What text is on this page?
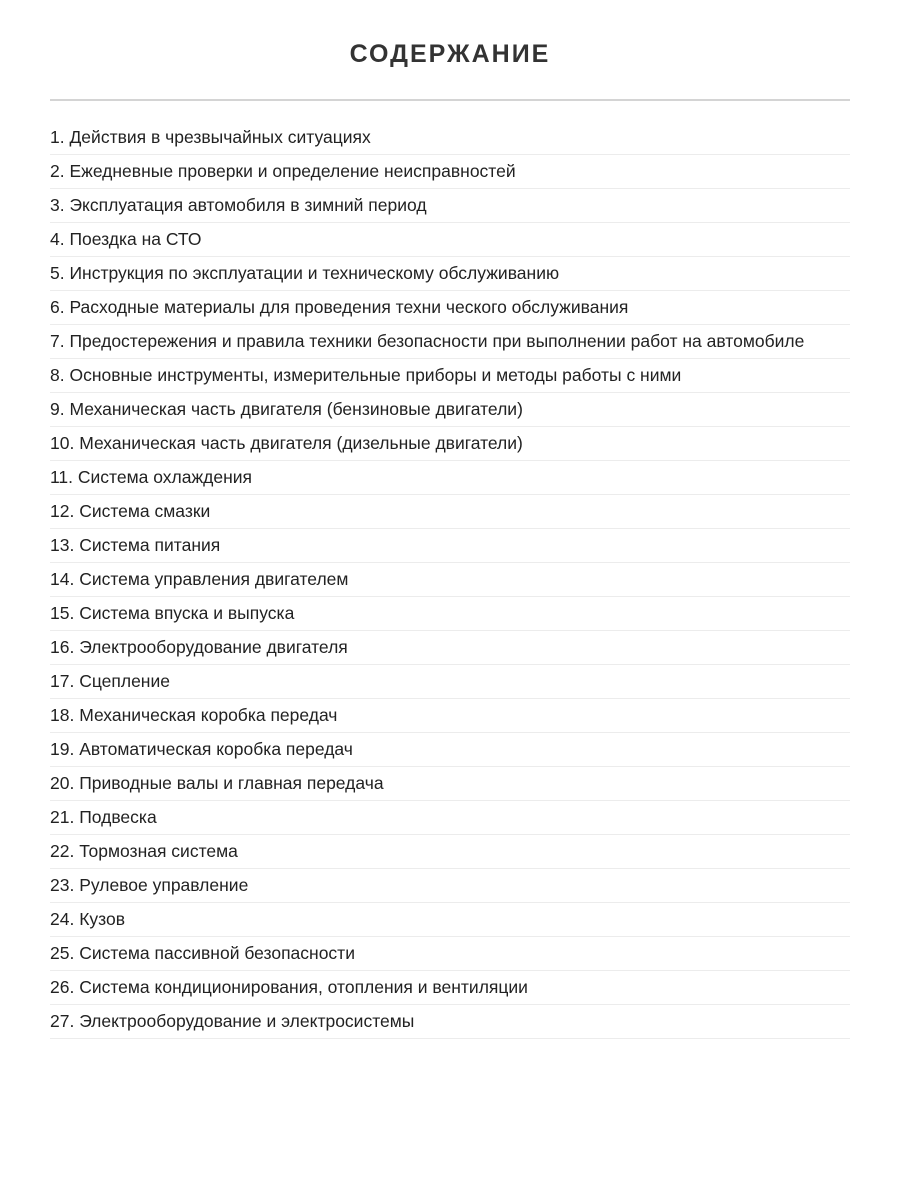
СОДЕРЖАНИЕ
1. Действия в чрезвычайных ситуациях
2. Ежедневные проверки и определение неисправностей
3. Эксплуатация автомобиля в зимний период
4. Поездка на СТО
5. Инструкция по эксплуатации и техническому обслуживанию
6. Расходные материалы для проведения техни ческого обслуживания
7. Предостережения и правила техники безопасности при выполнении работ на автомобиле
8. Основные инструменты, измерительные приборы и методы работы с ними
9. Механическая часть двигателя (бензиновые двигатели)
10. Механическая часть двигателя (дизельные двигатели)
11. Система охлаждения
12. Система смазки
13. Система питания
14. Система управления двигателем
15. Система впуска и выпуска
16. Электрооборудование двигателя
17. Сцепление
18. Механическая коробка передач
19. Автоматическая коробка передач
20. Приводные валы и главная передача
21. Подвеска
22. Тормозная система
23. Рулевое управление
24. Кузов
25. Система пассивной безопасности
26. Система кондиционирования, отопления и вентиляции
27. Электрооборудование и электросистемы
